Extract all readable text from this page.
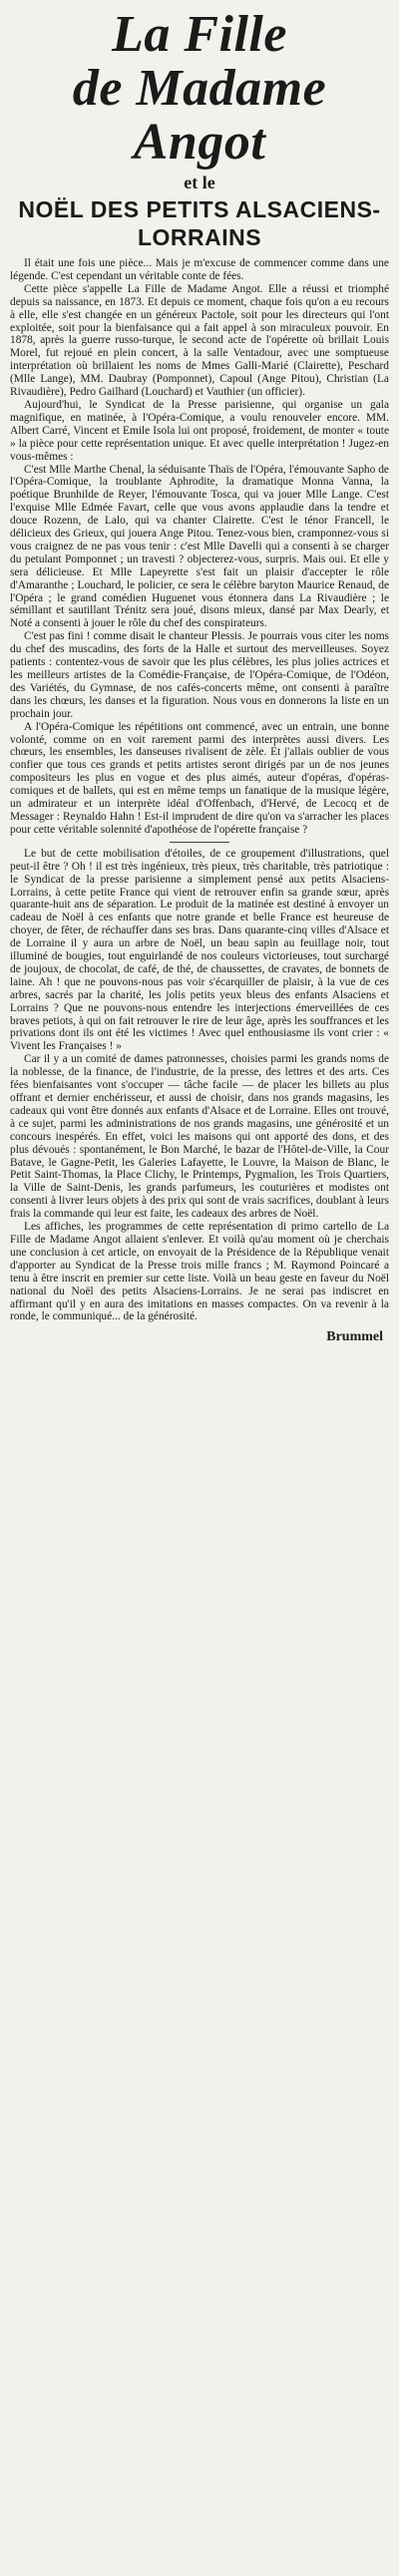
La Fille
de Madame Angot
et le
NOËL DES PETITS ALSACIENS-LORRAINS

Il était une fois une pièce... Mais je m'excuse de commencer comme dans une légende. C'est cependant un véritable conte de fées.

Cette pièce s'appelle La Fille de Madame Angot. Elle a réussi et triomphé depuis sa naissance, en 1873. Et depuis ce moment, chaque fois qu'on a eu recours à elle, elle s'est changée en un généreux Pactole, soit pour les directeurs qui l'ont exploitée, soit pour la bienfaisance qui a fait appel à son miraculeux pouvoir. En 1878, après la guerre russo-turque, le second acte de l'opérette où brillait Louis Morel, fut rejoué en plein concert, à la salle Ventadour, avec une somptueuse interprétation où brillaient les noms de Mmes Galli-Marié (Clairette), Peschard (Mlle Lange), MM. Daubray (Pomponnet), Capoul (Ange Pitou), Christian (La Rivaudière), Pedro Gailhard (Louchard) et Vauthier (un officier).

Aujourd'hui, le Syndicat de la Presse parisienne, qui organise un gala magnifique, en matinée, à l'Opéra-Comique, a voulu renouveler encore. MM. Albert Carré, Vincent et Emile Isola lui ont proposé, froidement, de monter « toute » la pièce pour cette représentation unique. Et avec quelle interprétation ! Jugez-en vous-mêmes :

C'est Mlle Marthe Chenal, la séduisante Thaïs de l'Opéra, l'émouvante Sapho de l'Opéra-Comique, la troublante Aphrodite, la dramatique Monna Vanna, la poétique Brunhilde de Reyer, l'émouvante Tosca, qui va jouer Mlle Lange. C'est l'exquise Mlle Edmée Favart, celle que vous avons applaudie dans la tendre et douce Rozenn, de Lalo, qui va chanter Clairette. C'est le ténor Francell, le délicieux des Grieux, qui jouera Ange Pitou. Tenez-vous bien, cramponnez-vous si vous craignez de ne pas vous tenir : c'est Mlle Davelli qui a consenti à se charger du petulant Pomponnet ; un travesti ? objecterez-vous, surpris. Mais oui. Et elle y sera délicieuse. Et Mlle Lapeyrette s'est fait un plaisir d'accepter le rôle d'Amaranthe ; Louchard, le policier, ce sera le célèbre baryton Maurice Renaud, de l'Opéra ; le grand comédien Huguenet vous étonnera dans La Rivaudière ; le sémillant et sautillant Trénitz sera joué, disons mieux, dansé par Max Dearly, et Noté a consenti à jouer le rôle du chef des conspirateurs.

C'est pas fini ! comme disait le chanteur Plessis. Je pourrais vous citer les noms du chef des muscadins, des forts de la Halle et surtout des merveilleuses. Soyez patients : contentez-vous de savoir que les plus célèbres, les plus jolies actrices et les meilleurs artistes de la Comédie-Française, de l'Opéra-Comique, de l'Odéon, des Variétés, du Gymnase, de nos cafés-concerts même, ont consenti à paraître dans les chœurs, les danses et la figuration. Nous vous en donnerons la liste en un prochain jour.

A l'Opéra-Comique les répétitions ont commencé, avec un entrain, une bonne volonté, comme on en voit rarement parmi des interprètes aussi divers. Les chœurs, les ensembles, les danseuses rivalisent de zèle. Et j'allais oublier de vous confier que tous ces grands et petits artistes seront dirigés par un de nos jeunes compositeurs les plus en vogue et des plus aimés, auteur d'opéras, d'opéras-comiques et de ballets, qui est en même temps un fanatique de la musique légère, un admirateur et un interprète idéal d'Offenbach, d'Hervé, de Lecocq et de Messager : Reynaldo Hahn ! Est-il imprudent de dire qu'on va s'arracher les places pour cette véritable solennité d'apothéose de l'opérette française ?

Le but de cette mobilisation d'étoiles, de ce groupement d'illustrations, quel peut-il être ? Oh ! il est très ingénieux, très pieux, très charitable, très patriotique : le Syndicat de la presse parisienne a simplement pensé aux petits Alsaciens-Lorrains, à cette petite France qui vient de retrouver enfin sa grande sœur, après quarante-huit ans de séparation. Le produit de la matinée est destiné à envoyer un cadeau de Noël à ces enfants que notre grande et belle France est heureuse de choyer, de fêter, de réchauffer dans ses bras. Dans quarante-cinq villes d'Alsace et de Lorraine il y aura un arbre de Noël, un beau sapin au feuillage noir, tout illuminé de bougies, tout enguirlandé de nos couleurs victorieuses, tout surchargé de joujoux, de chocolat, de café, de thé, de chaussettes, de cravates, de bonnets de laine. Ah ! que ne pouvons-nous pas voir s'écarquiller de plaisir, à la vue de ces arbres, sacrés par la charité, les jolis petits yeux bleus des enfants Alsaciens et Lorrains ? Que ne pouvons-nous entendre les interjections émerveillées de ces braves petiots, à qui on fait retrouver le rire de leur âge, après les souffrances et les privations dont ils ont été les victimes ! Avec quel enthousiasme ils vont crier : « Vivent les Françaises ! »

Car il y a un comité de dames patronnesses, choisies parmi les grands noms de la noblesse, de la finance, de l'industrie, de la presse, des lettres et des arts. Ces fées bienfaisantes vont s'occuper — tâche facile — de placer les billets au plus offrant et dernier enchérisseur, et aussi de choisir, dans nos grands magasins, les cadeaux qui vont être donnés aux enfants d'Alsace et de Lorraine. Elles ont trouvé, à ce sujet, parmi les administrations de nos grands magasins, une générosité et un concours inespérés. En effet, voici les maisons qui ont apporté des dons, et des plus dévoués : spontanément, le Bon Marché, le bazar de l'Hôtel-de-Ville, la Cour Batave, le Gagne-Petit, les Galeries Lafayette, le Louvre, la Maison de Blanc, le Petit Saint-Thomas, la Place Clichy, le Printemps, Pygmalion, les Trois Quartiers, la Ville de Saint-Denis, les grands parfumeurs, les couturières et modistes ont consenti à livrer leurs objets à des prix qui sont de vrais sacrifices, doublant à leurs frais la commande qui leur est faite, les cadeaux des arbres de Noël.

Les affiches, les programmes de cette représentation di primo cartello de La Fille de Madame Angot allaient s'enlever. Et voilà qu'au moment où je cherchais une conclusion à cet article, on envoyait de la Présidence de la République venait d'apporter au Syndicat de la Presse trois mille francs ; M. Raymond Poincaré a tenu à être inscrit en premier sur cette liste. Voilà un beau geste en faveur du Noël national du Noël des petits Alsaciens-Lorrains. Je ne serai pas indiscret en affirmant qu'il y en aura des imitations en masses compactes. On va revenir à la ronde, le communiqué... de la générosité.

Brummel
